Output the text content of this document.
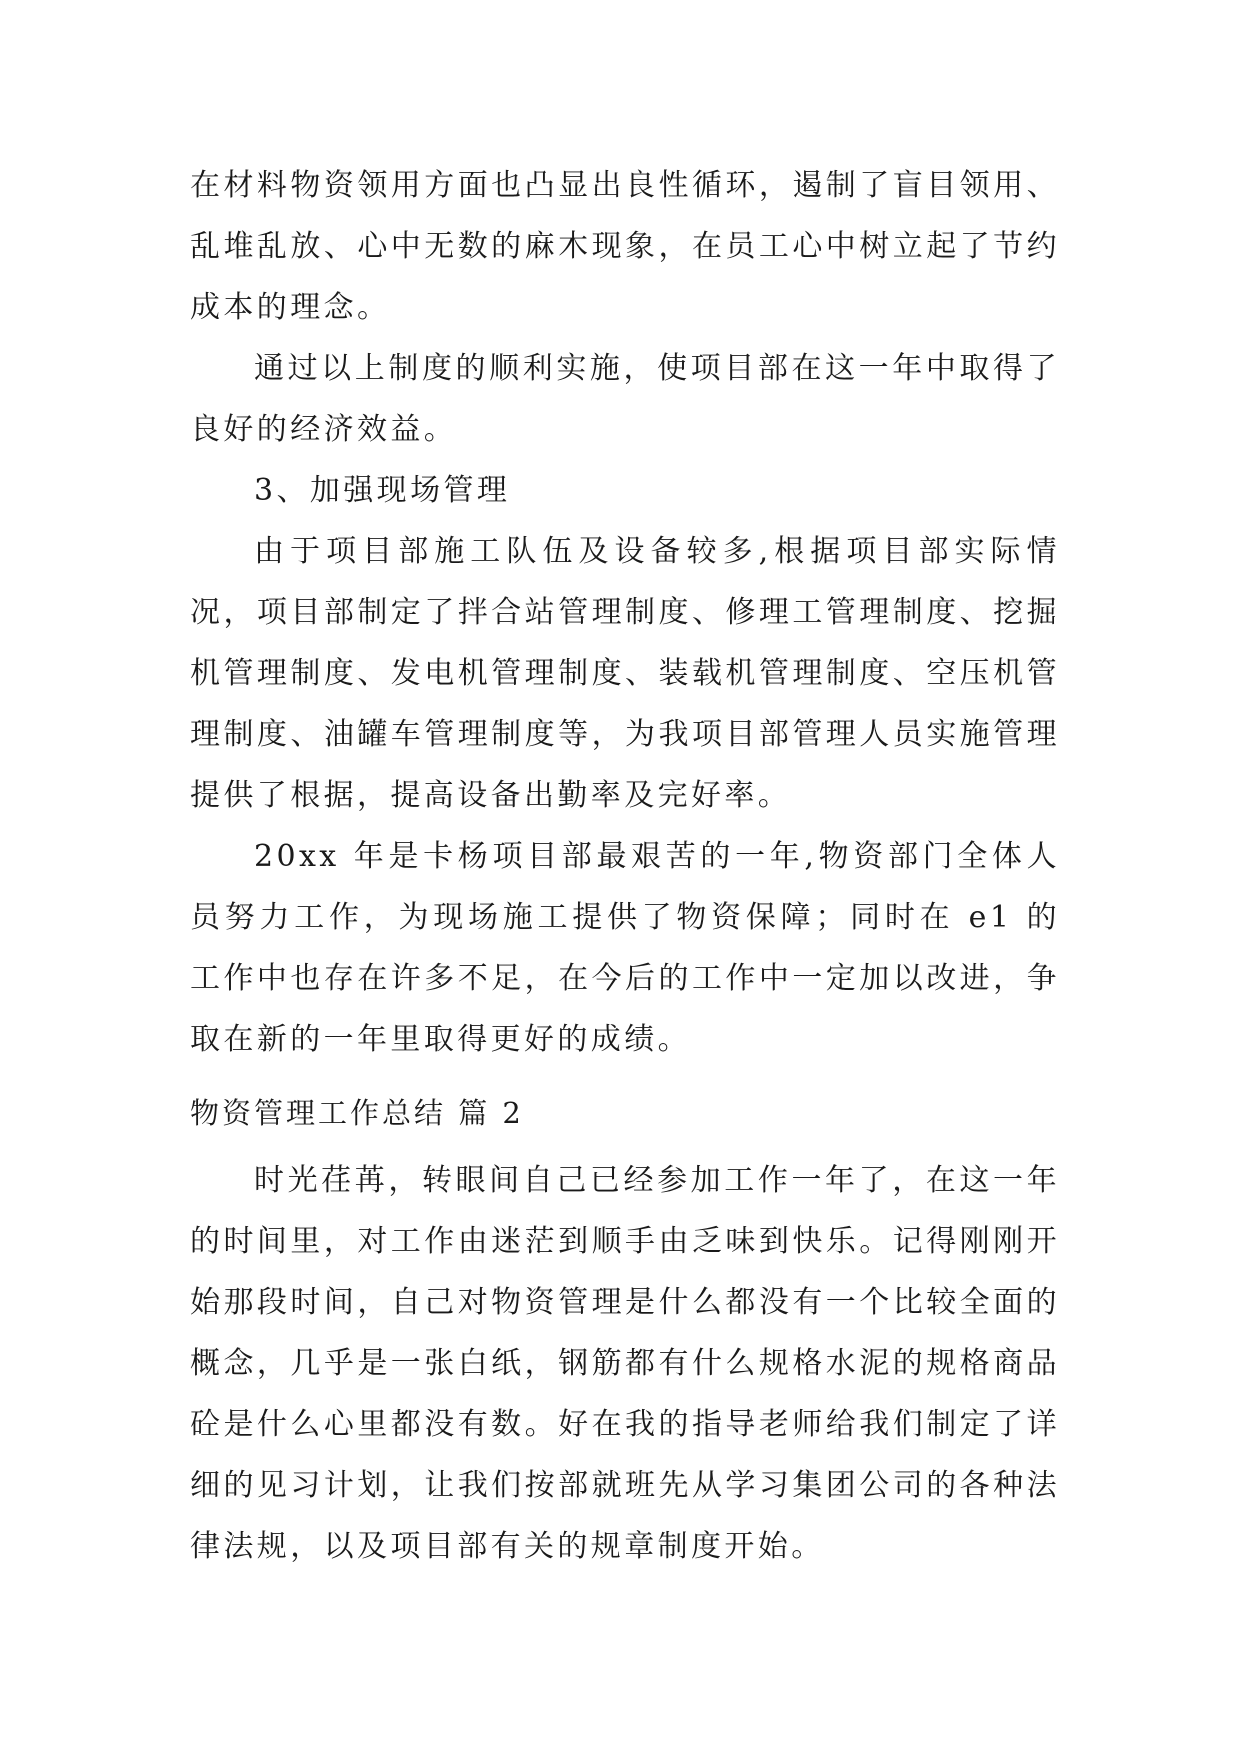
在材料物资领用方面也凸显出良性循环，遏制了盲目领用、乱堆乱放、心中无数的麻木现象，在员工心中树立起了节约成本的理念。

通过以上制度的顺利实施，使项目部在这一年中取得了良好的经济效益。

3、加强现场管理

由于项目部施工队伍及设备较多,根据项目部实际情况，项目部制定了拌合站管理制度、修理工管理制度、挖掘机管理制度、发电机管理制度、装载机管理制度、空压机管理制度、油罐车管理制度等，为我项目部管理人员实施管理提供了根据，提高设备出勤率及完好率。

20xx 年是卡杨项目部最艰苦的一年,物资部门全体人员努力工作，为现场施工提供了物资保障；同时在 e1 的工作中也存在许多不足，在今后的工作中一定加以改进，争取在新的一年里取得更好的成绩。

物资管理工作总结 篇 2

时光荏苒，转眼间自己已经参加工作一年了，在这一年的时间里，对工作由迷茫到顺手由乏味到快乐。记得刚刚开始那段时间，自己对物资管理是什么都没有一个比较全面的概念，几乎是一张白纸，钢筋都有什么规格水泥的规格商品砼是什么心里都没有数。好在我的指导老师给我们制定了详细的见习计划，让我们按部就班先从学习集团公司的各种法律法规，以及项目部有关的规章制度开始。
